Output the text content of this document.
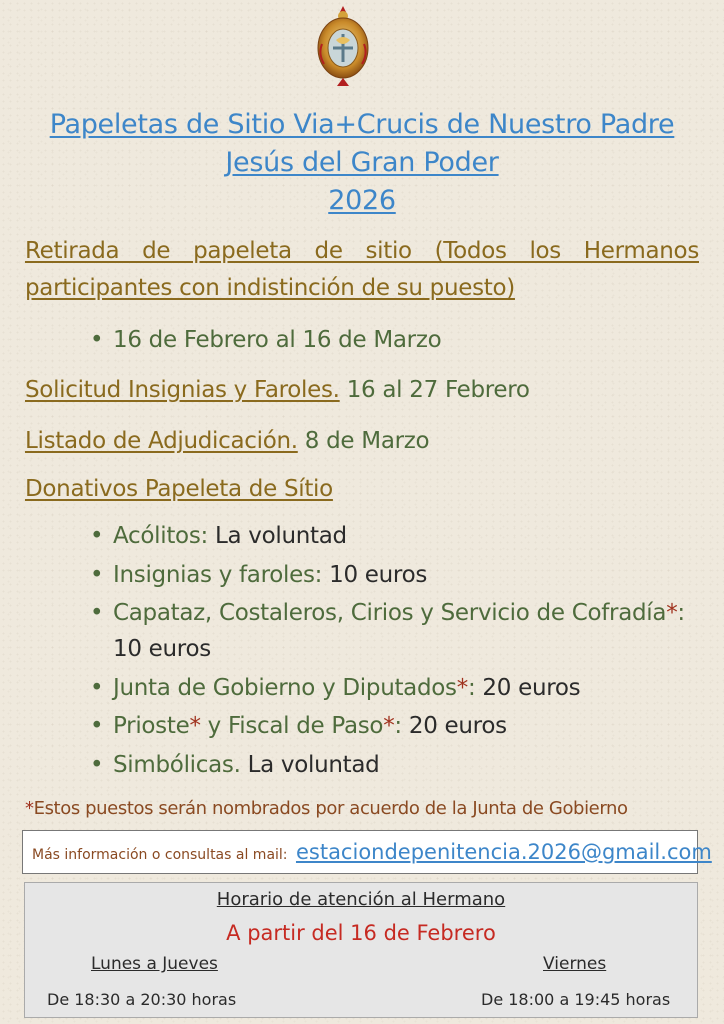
Papeletas de Sitio Via+Crucis de Nuestro Padre
Jesús del Gran Poder
2026
Retirada de papeleta de sitio (Todos los Hermanos participantes con indistinción de su puesto)
• 16 de Febrero al 16 de Marzo
Solicitud Insignias y Faroles. 16 al 27 Febrero
Listado de Adjudicación. 8 de Marzo
Donativos Papeleta de Sítio
• Acólitos: La voluntad
• Insignias y faroles: 10 euros
• Capataz, Costaleros, Cirios y Servicio de Cofradía*:
10 euros
• Junta de Gobierno y Diputados*: 20 euros
• Prioste* y Fiscal de Paso*: 20 euros
• Simbólicas. La voluntad
*Estos puestos serán nombrados por acuerdo de la Junta de Gobierno
Más información o consultas al mail: estaciondepenitencia.2026@gmail.com
Horario de atención al Hermano
A partir del 16 de Febrero
Lunes a Jueves	Viernes
De 18:30 a 20:30 horas	De 18:00 a 19:45 horas
